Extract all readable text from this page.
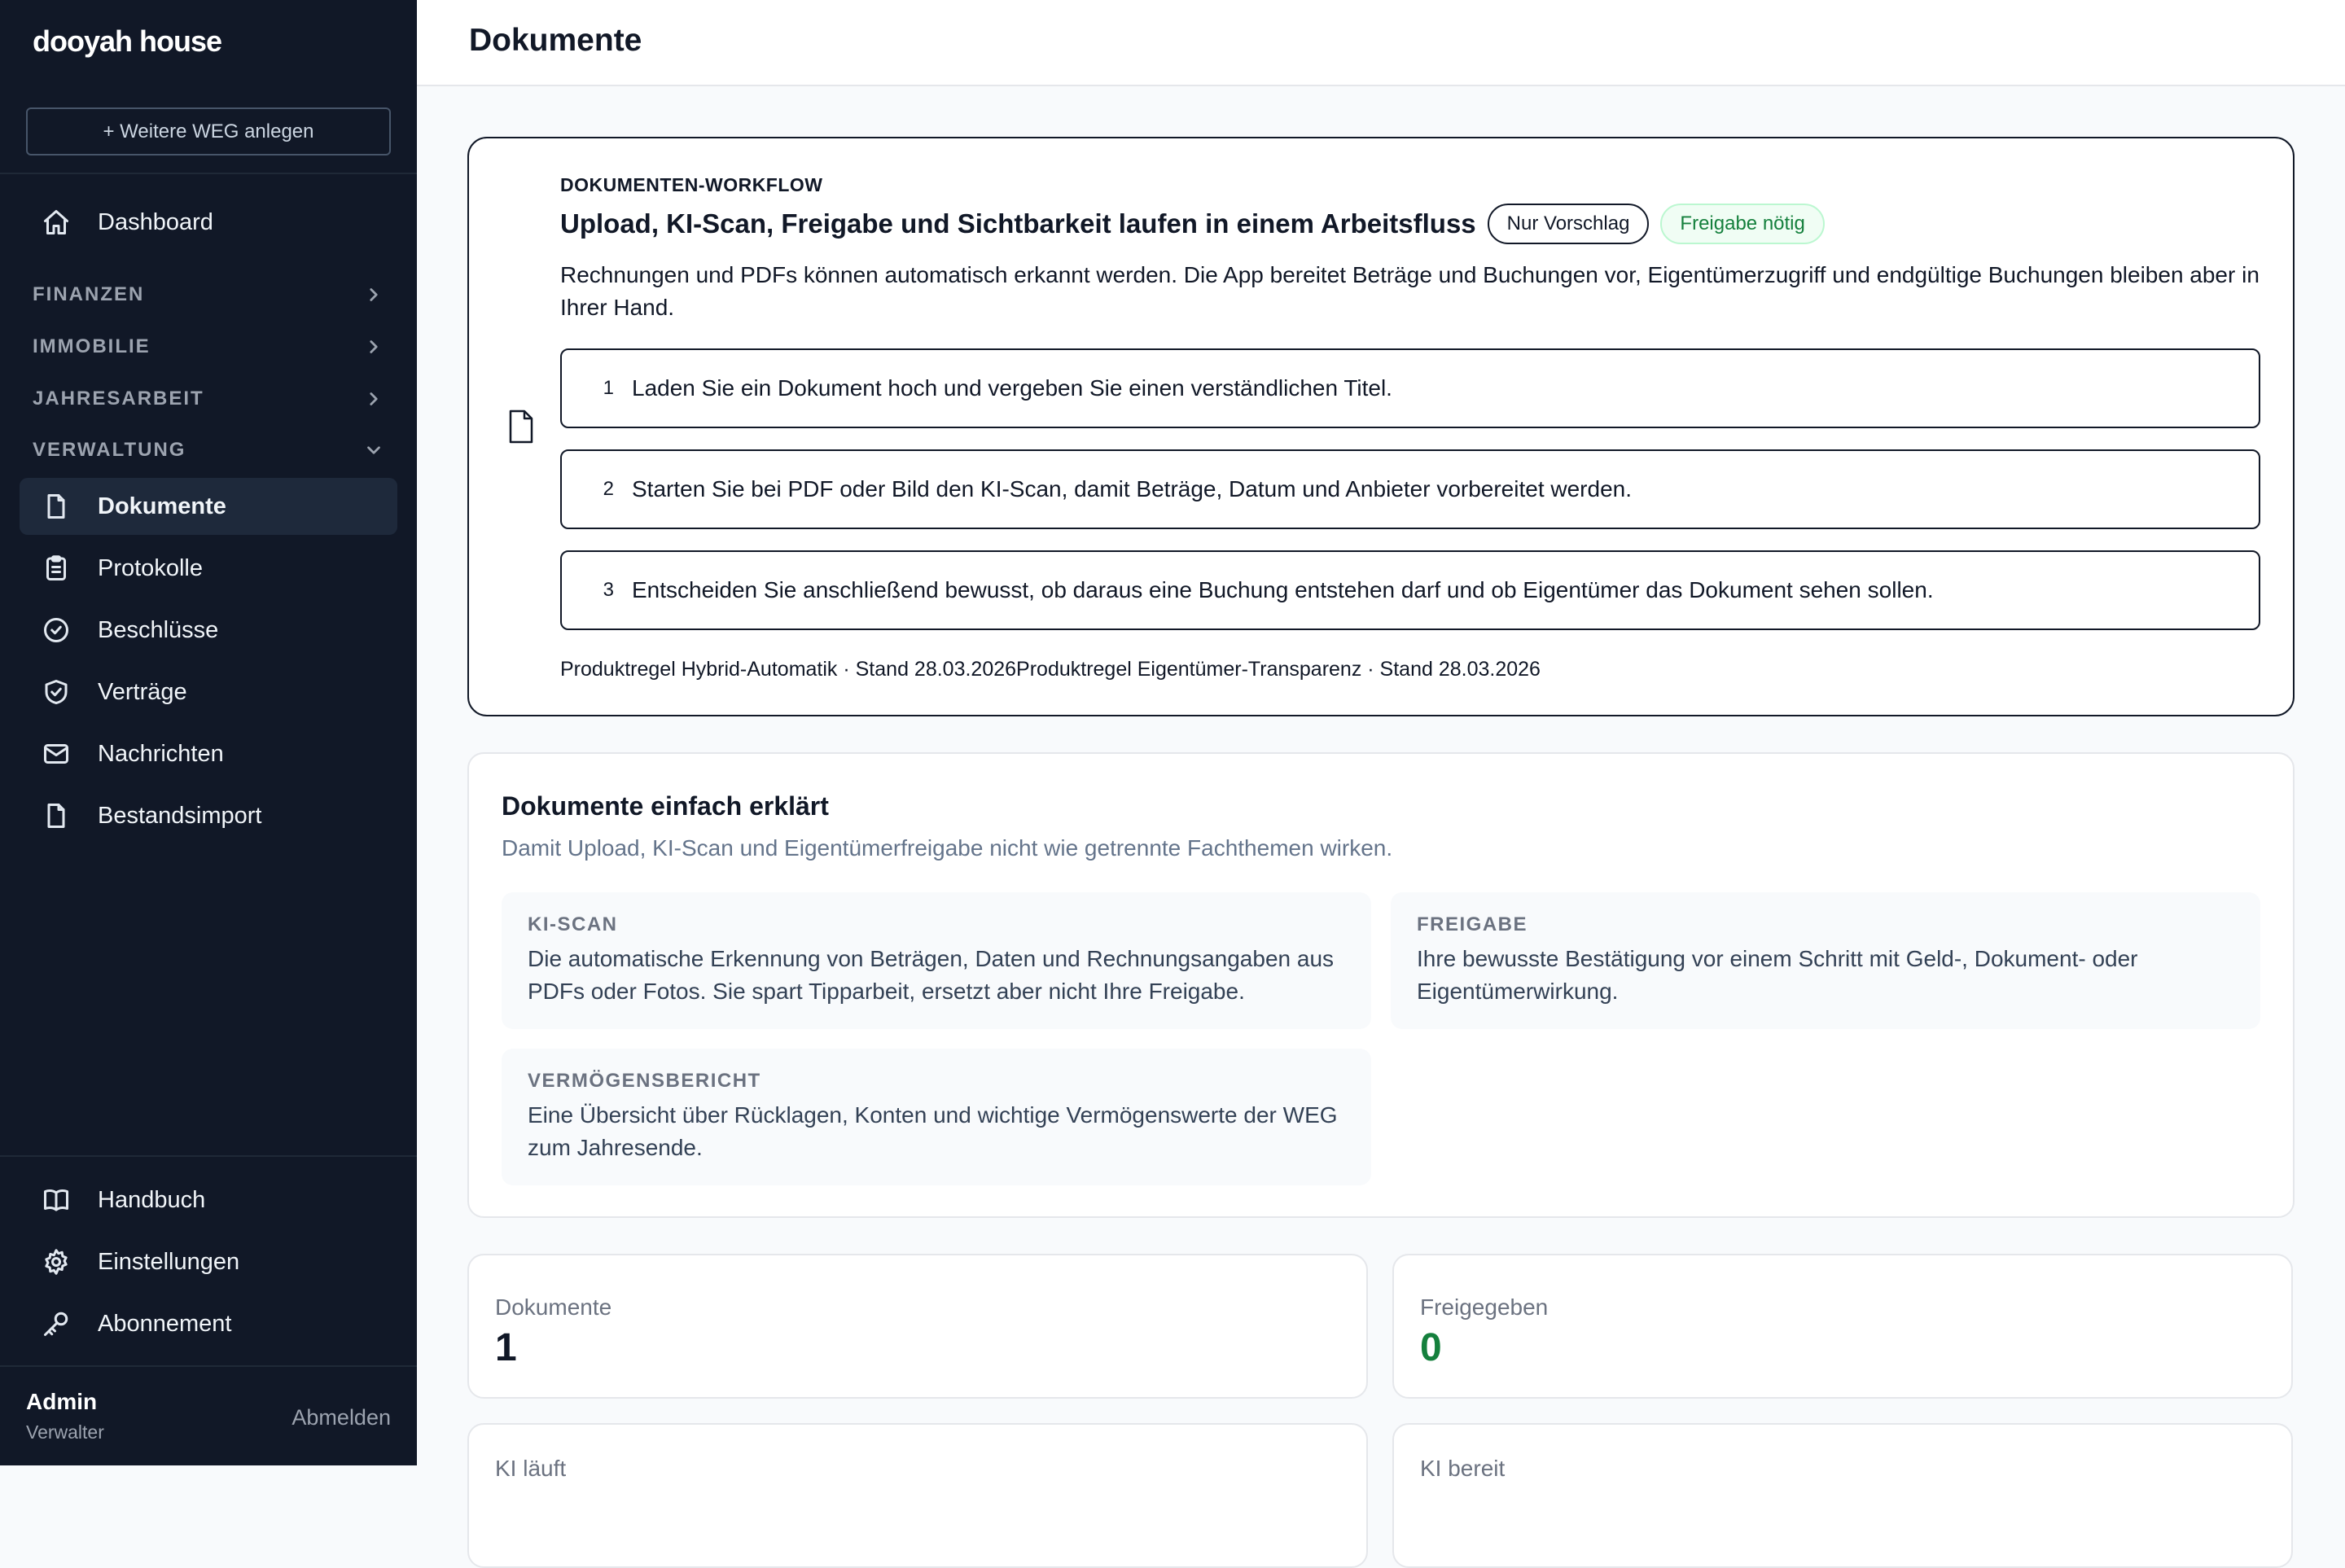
dooyah house
+ Weitere WEG anlegen
Dashboard
FINANZEN
IMMOBILIE
JAHRESARBEIT
VERWALTUNG
Dokumente
Protokolle
Beschlüsse
Verträge
Nachrichten
Bestandsimport
Handbuch
Einstellungen
Abonnement
Admin
Verwalter
Abmelden
Dokumente
DOKUMENTEN-WORKFLOW
Upload, KI-Scan, Freigabe und Sichtbarkeit laufen in einem Arbeitsfluss	Nur Vorschlag	Freigabe nötig
Rechnungen und PDFs können automatisch erkannt werden. Die App bereitet Beträge und Buchungen vor, Eigentümerzugriff und endgültige Buchungen bleiben aber in Ihrer Hand.
1 Laden Sie ein Dokument hoch und vergeben Sie einen verständlichen Titel.
2 Starten Sie bei PDF oder Bild den KI-Scan, damit Beträge, Datum und Anbieter vorbereitet werden.
3 Entscheiden Sie anschließend bewusst, ob daraus eine Buchung entstehen darf und ob Eigentümer das Dokument sehen sollen.
Produktregel Hybrid-Automatik · Stand 28.03.2026 Produktregel Eigentümer-Transparenz · Stand 28.03.2026
Dokumente einfach erklärt
Damit Upload, KI-Scan und Eigentümerfreigabe nicht wie getrennte Fachthemen wirken.
KI-SCAN
Die automatische Erkennung von Beträgen, Daten und Rechnungsangaben aus PDFs oder Fotos. Sie spart Tipparbeit, ersetzt aber nicht Ihre Freigabe.
FREIGABE
Ihre bewusste Bestätigung vor einem Schritt mit Geld-, Dokument- oder Eigentümerwirkung.
VERMÖGENSBERICHT
Eine Übersicht über Rücklagen, Konten und wichtige Vermögenswerte der WEG zum Jahresende.
Dokumente
1
Freigegeben
0
KI läuft	KI bereit
